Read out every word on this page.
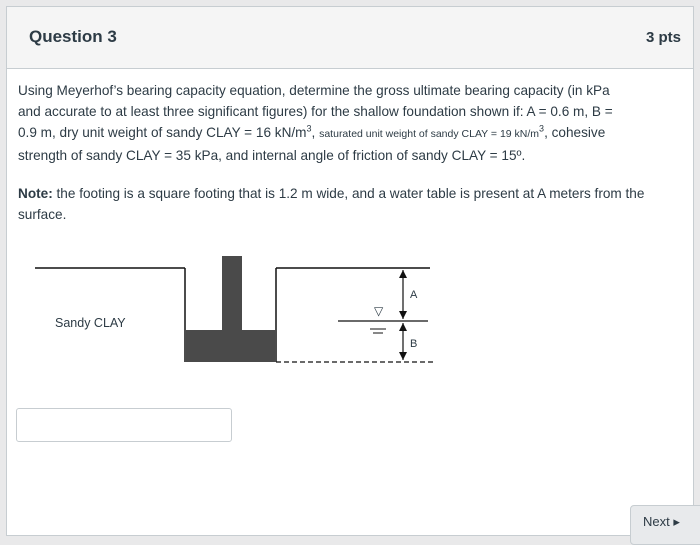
Question 3	3 pts
Using Meyerhof’s bearing capacity equation, determine the gross ultimate bearing capacity (in kPa
and accurate to at least three significant figures) for the shallow foundation shown if: A = 0.6 m, B =
0.9 m, dry unit weight of sandy CLAY = 16 $kN/m^3$, saturated unit weight of sandy CLAY = 19 $kN/m^3$, cohesive
strength of sandy CLAY = 35 kPa, and internal angle of friction of sandy CLAY = 15º.
Note: the footing is a square footing that is 1.2 m wide, and a water table is present at A meters from the surface.
▽
Sandy CLAY
A
B
Next ▸
